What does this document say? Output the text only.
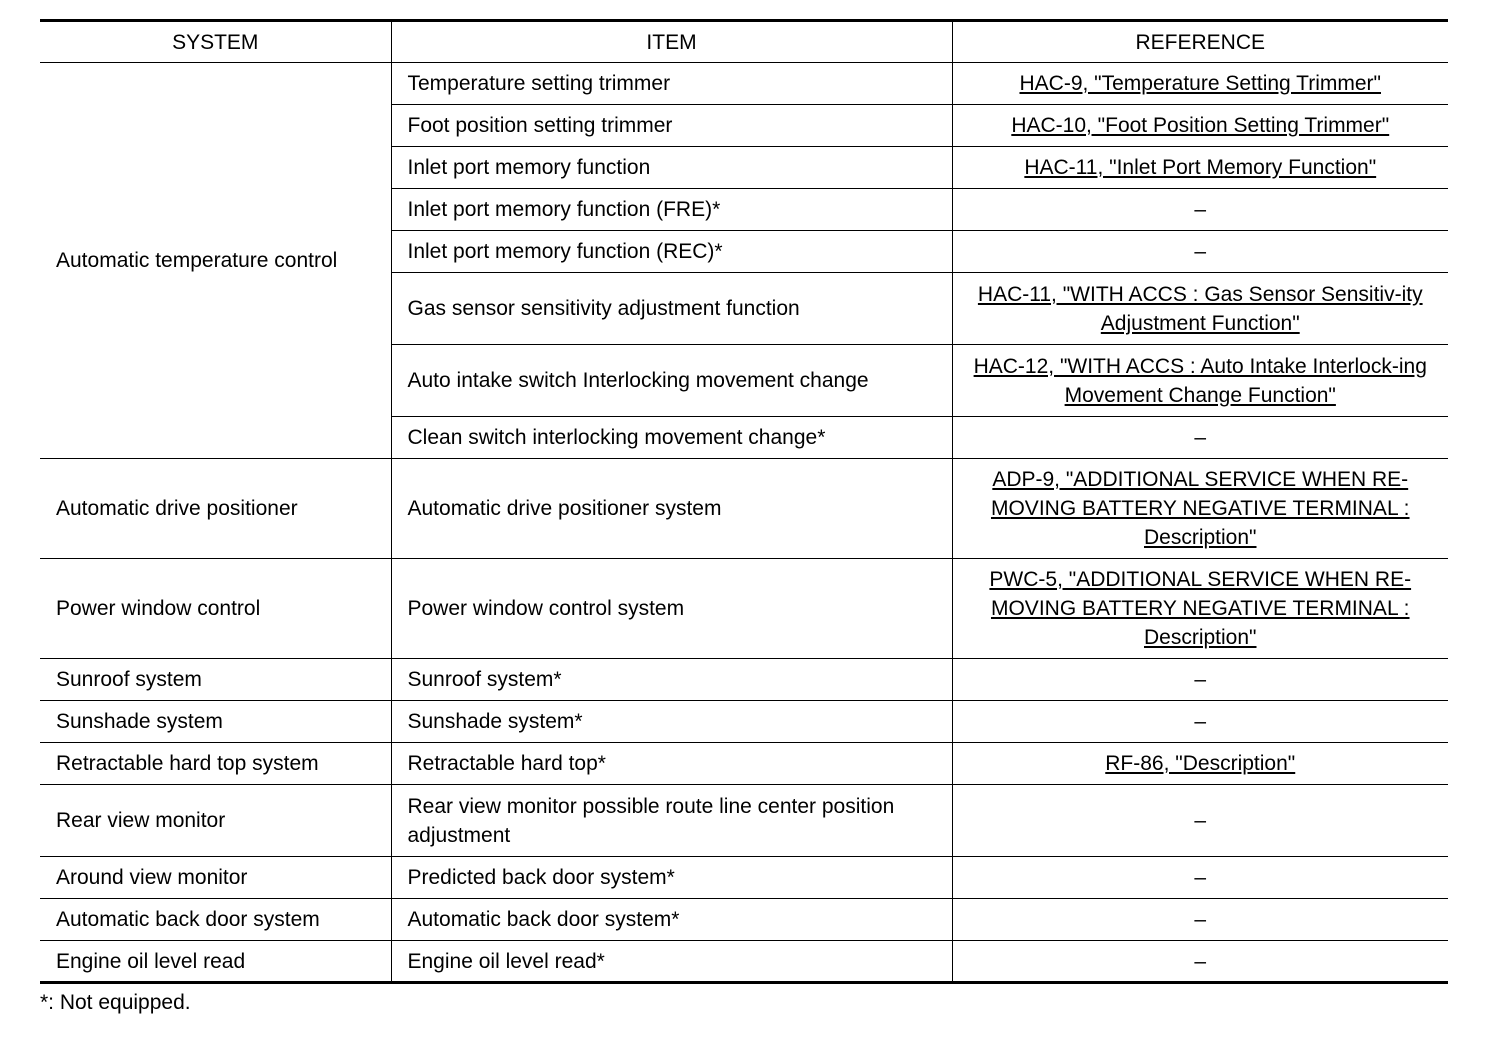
SYSTEM	ITEM	REFERENCE
Automatic temperature control	Temperature setting trimmer	HAC-9, "Temperature Setting Trimmer"
	Foot position setting trimmer	HAC-10, "Foot Position Setting Trimmer"
	Inlet port memory function	HAC-11, "Inlet Port Memory Function"
	Inlet port memory function (FRE)*	–
	Inlet port memory function (REC)*	–
	Gas sensor sensitivity adjustment function	HAC-11, "WITH ACCS : Gas Sensor Sensitiv-ity Adjustment Function"
	Auto intake switch Interlocking movement change	HAC-12, "WITH ACCS : Auto Intake Interlock-ing Movement Change Function"
	Clean switch interlocking movement change*	–
Automatic drive positioner	Automatic drive positioner system	ADP-9, "ADDITIONAL SERVICE WHEN RE-MOVING BATTERY NEGATIVE TERMINAL : Description"
Power window control	Power window control system	PWC-5, "ADDITIONAL SERVICE WHEN RE-MOVING BATTERY NEGATIVE TERMINAL : Description"
Sunroof system	Sunroof system*	–
Sunshade system	Sunshade system*	–
Retractable hard top system	Retractable hard top*	RF-86, "Description"
Rear view monitor	Rear view monitor possible route line center position adjustment	–
Around view monitor	Predicted back door system*	–
Automatic back door system	Automatic back door system*	–
Engine oil level read	Engine oil level read*	–
*: Not equipped.
